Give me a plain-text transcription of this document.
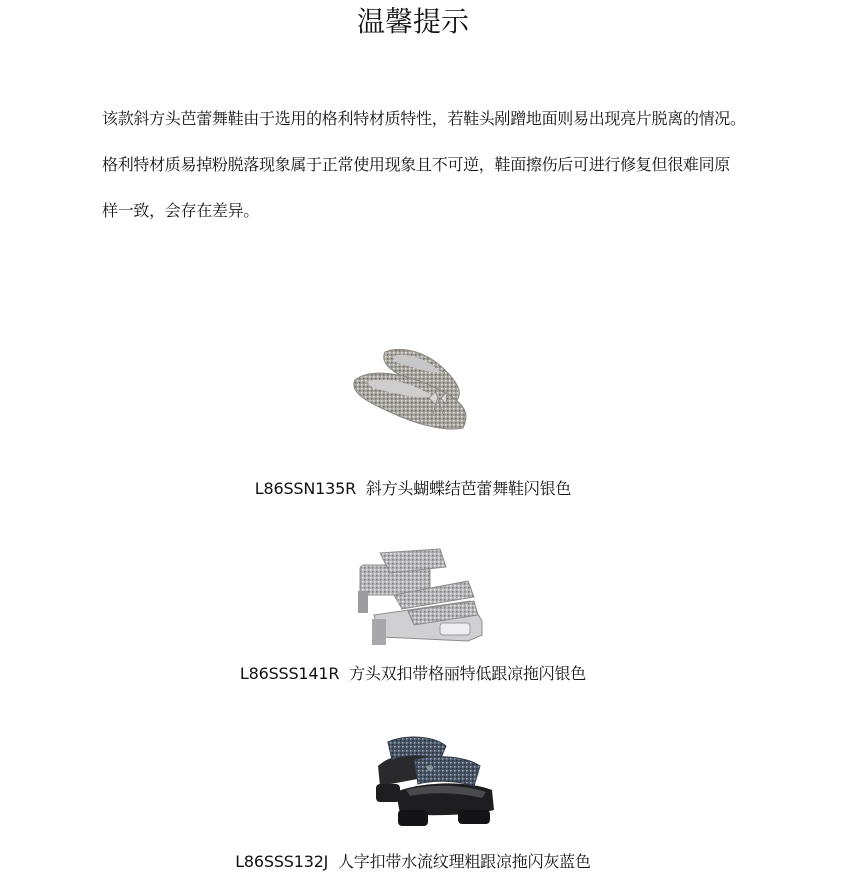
温馨提示

该款斜方头芭蕾舞鞋由于选用的格利特材质特性，若鞋头剐蹭地面则易出现亮片脱离的情况。

格利特材质易掉粉脱落现象属于正常使用现象且不可逆，鞋面擦伤后可进行修复但很难同原样一致，会存在差异。

L86SSN135R 斜方头蝴蝶结芭蕾舞鞋闪银色
L86SSS141R 方头双扣带格丽特低跟凉拖闪银色
L86SSS132J 人字扣带水流纹理粗跟凉拖闪灰蓝色
